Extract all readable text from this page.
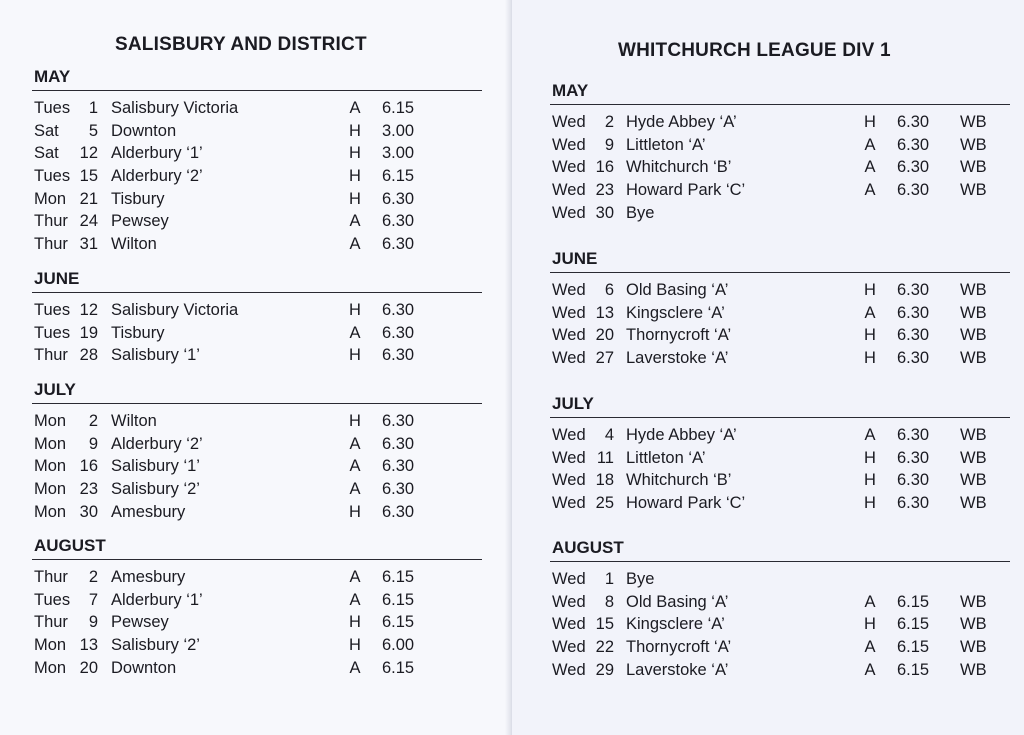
SALISBURY AND DISTRICT
MAY
Tues	1 Salisbury Victoria	A 6.15
Sat	5 Downton	H 3.00
Sat	12 Alderbury ‘1’	H 3.00
Tues 15 Alderbury ‘2’	H 6.15
Mon 21 Tisbury	H 6.30
Thur 24 Pewsey	A 6.30
Thur 31 Wilton	A 6.30
JUNE
Tues 12 Salisbury Victoria	H 6.30
Tues 19 Tisbury	A 6.30
Thur 28 Salisbury ‘1’	H 6.30
JULY
Mon	2 Wilton	H 6.30
Mon	9 Alderbury ‘2’	A 6.30
Mon 16 Salisbury ‘1’	A 6.30
Mon 23 Salisbury ‘2’	A 6.30
Mon 30 Amesbury	H 6.30
AUGUST
Thur	2 Amesbury	A 6.15
Tues	7 Alderbury ‘1’	A 6.15
Thur	9 Pewsey	H 6.15
Mon 13 Salisbury ‘2’	H 6.00
Mon 20 Downton	A 6.15
WHITCHURCH LEAGUE DIV 1
MAY
Wed	2 Hyde Abbey ‘A’	H 6.30 WB
Wed	9 Littleton ‘A’	A 6.30 WB
Wed 16 Whitchurch ‘B’	A 6.30 WB
Wed 23 Howard Park ‘C’	A 6.30 WB
Wed 30 Bye
JUNE
Wed	6 Old Basing ‘A’	H 6.30 WB
Wed 13 Kingsclere ‘A’	A 6.30 WB
Wed 20 Thornycroft ‘A’	H 6.30 WB
Wed 27 Laverstoke ‘A’	H 6.30 WB
JULY
Wed	4 Hyde Abbey ‘A’	A 6.30 WB
Wed 11 Littleton ‘A’	H 6.30 WB
Wed 18 Whitchurch ‘B’	H 6.30 WB
Wed 25 Howard Park ‘C’	H 6.30 WB
AUGUST
Wed	1 Bye
Wed	8 Old Basing ‘A’	A 6.15 WB
Wed 15 Kingsclere ‘A’	H 6.15 WB
Wed 22 Thornycroft ‘A’	A 6.15 WB
Wed 29 Laverstoke ‘A’	A 6.15 WB
